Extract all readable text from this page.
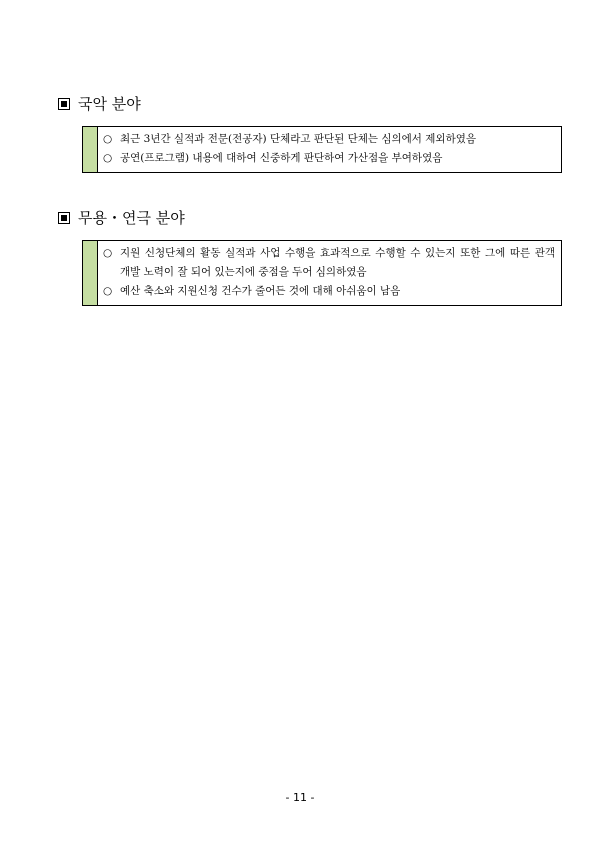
국악 분야
○ 최근 3년간 실적과 전문(전공자) 단체라고 판단된 단체는 심의에서 제외하였음
○ 공연(프로그램) 내용에 대하여 신중하게 판단하여 가산점을 부여하였음
무용・연극 분야
○ 지원 신청단체의 활동 실적과 사업 수행을 효과적으로 수행할 수 있는지 또한 그에 따른 관객 개발 노력이 잘 되어 있는지에 중점을 두어 심의하였음
○ 예산 축소와 지원신청 건수가 줄어든 것에 대해 아쉬움이 남음
- 11 -
